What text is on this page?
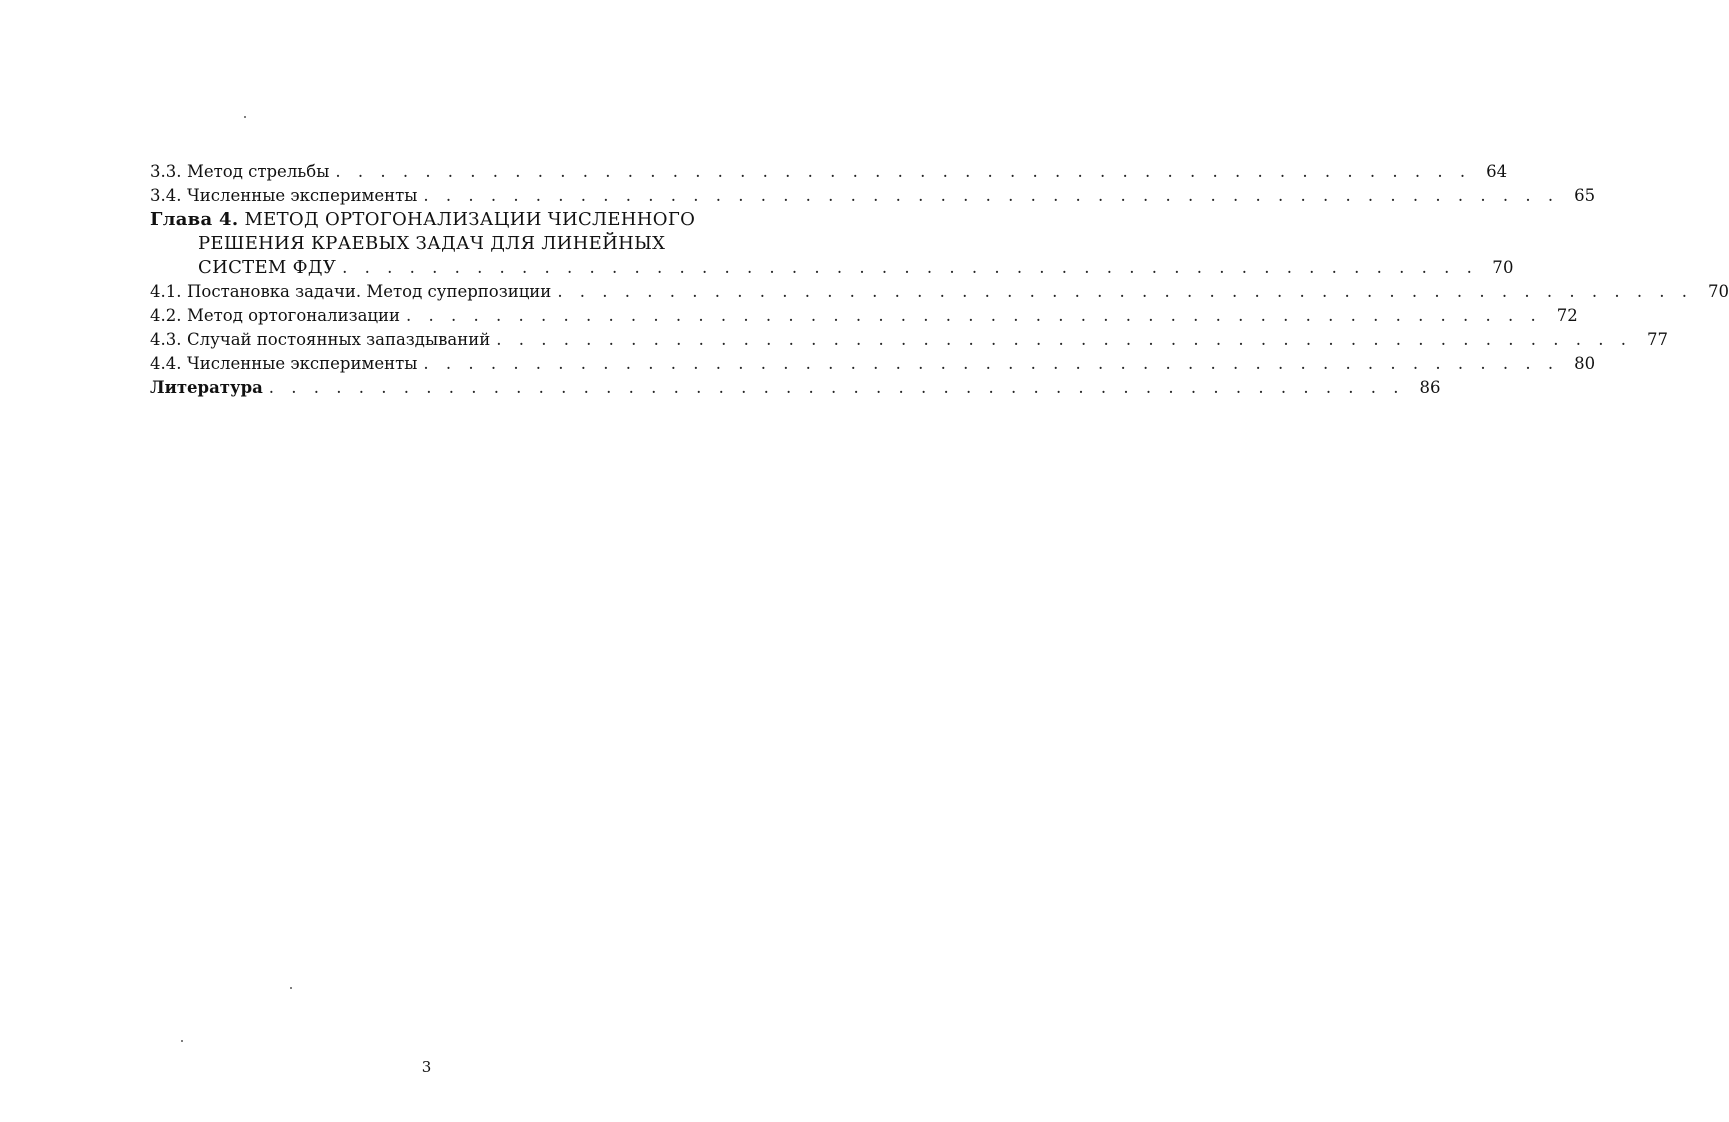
3.3. Метод стрельбы . . . . . . . . . . . . . . . . . . . . . . . . . . . . . . . . . . . . . . . . . . . . . . . . . . . 64
3.4. Численные эксперименты . . . . . . . . . . . . . . . . . . . . . . . . . . . . . . . . . . . . . . . . . . . . . . . . . . . 65
Глава 4. МЕТОД ОРТОГОНАЛИЗАЦИИ ЧИСЛЕННОГО
РЕШЕНИЯ КРАЕВЫХ ЗАДАЧ ДЛЯ ЛИНЕЙНЫХ
СИСТЕМ ФДУ . . . . . . . . . . . . . . . . . . . . . . . . . . . . . . . . . . . . . . . . . . . . . . . . . . . 70
4.1. Постановка задачи. Метод суперпозиции . . . . . . . . . . . . . . . . . . . . . . . . . . . . . . . . . . . . . . . . . . . . . . . . . . . 70
4.2. Метод ортогонализации . . . . . . . . . . . . . . . . . . . . . . . . . . . . . . . . . . . . . . . . . . . . . . . . . . . 72
4.3. Случай постоянных запаздываний . . . . . . . . . . . . . . . . . . . . . . . . . . . . . . . . . . . . . . . . . . . . . . . . . . . 77
4.4. Численные эксперименты . . . . . . . . . . . . . . . . . . . . . . . . . . . . . . . . . . . . . . . . . . . . . . . . . . . 80
Литература . . . . . . . . . . . . . . . . . . . . . . . . . . . . . . . . . . . . . . . . . . . . . . . . . . . 86
3
